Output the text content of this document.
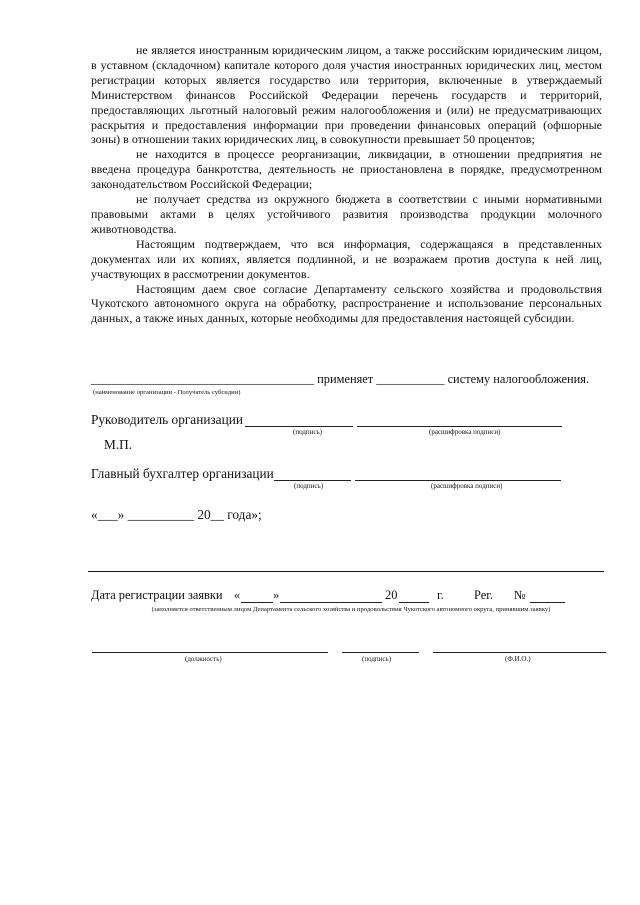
не является иностранным юридическим лицом, а также российским юридическим лицом, в уставном (складочном) капитале которого доля участия иностранных юридических лиц, местом регистрации которых является государство или территория, включенные в утверждаемый Министерством финансов Российской Федерации перечень государств и территорий, предоставляющих льготный налоговый режим налогообложения и (или) не предусматривающих раскрытия и предоставления информации при проведении финансовых операций (офшорные зоны) в отношении таких юридических лиц, в совокупности превышает 50 процентов;

не находится в процессе реорганизации, ликвидации, в отношении предприятия не введена процедура банкротства, деятельность не приостановлена в порядке, предусмотренном законодательством Российской Федерации;

не получает средства из окружного бюджета в соответствии с иными нормативными правовыми актами в целях устойчивого развития производства продукции молочного животноводства.

Настоящим подтверждаем, что вся информация, содержащаяся в представленных документах или их копиях, является подлинной, и не возражаем против доступа к ней лиц, участвующих в рассмотрении документов.

Настоящим даем свое согласие Департаменту сельского хозяйства и продовольствия Чукотского автономного округа на обработку, распространение и использование персональных данных, а также иных данных, которые необходимы для предоставления настоящей субсидии.

____________________________________ применяет ___________ систему налогообложения.
(наименование организации - Получатель субсидии)
Руководитель организации
(подпись)	(расшифровка подписи)
М.П.
Главный бухгалтер организации
(подпись)	(расшифровка подписи)
«___» __________ 20__ года»;
Дата регистрации заявки «	»	20	г. Рег. №
(заполняется ответственным лицом Департамента сельского хозяйства и продовольствия Чукотского автономного округа, принявшим заявку)
(должность)	(подпись)	(Ф.И.О.)
